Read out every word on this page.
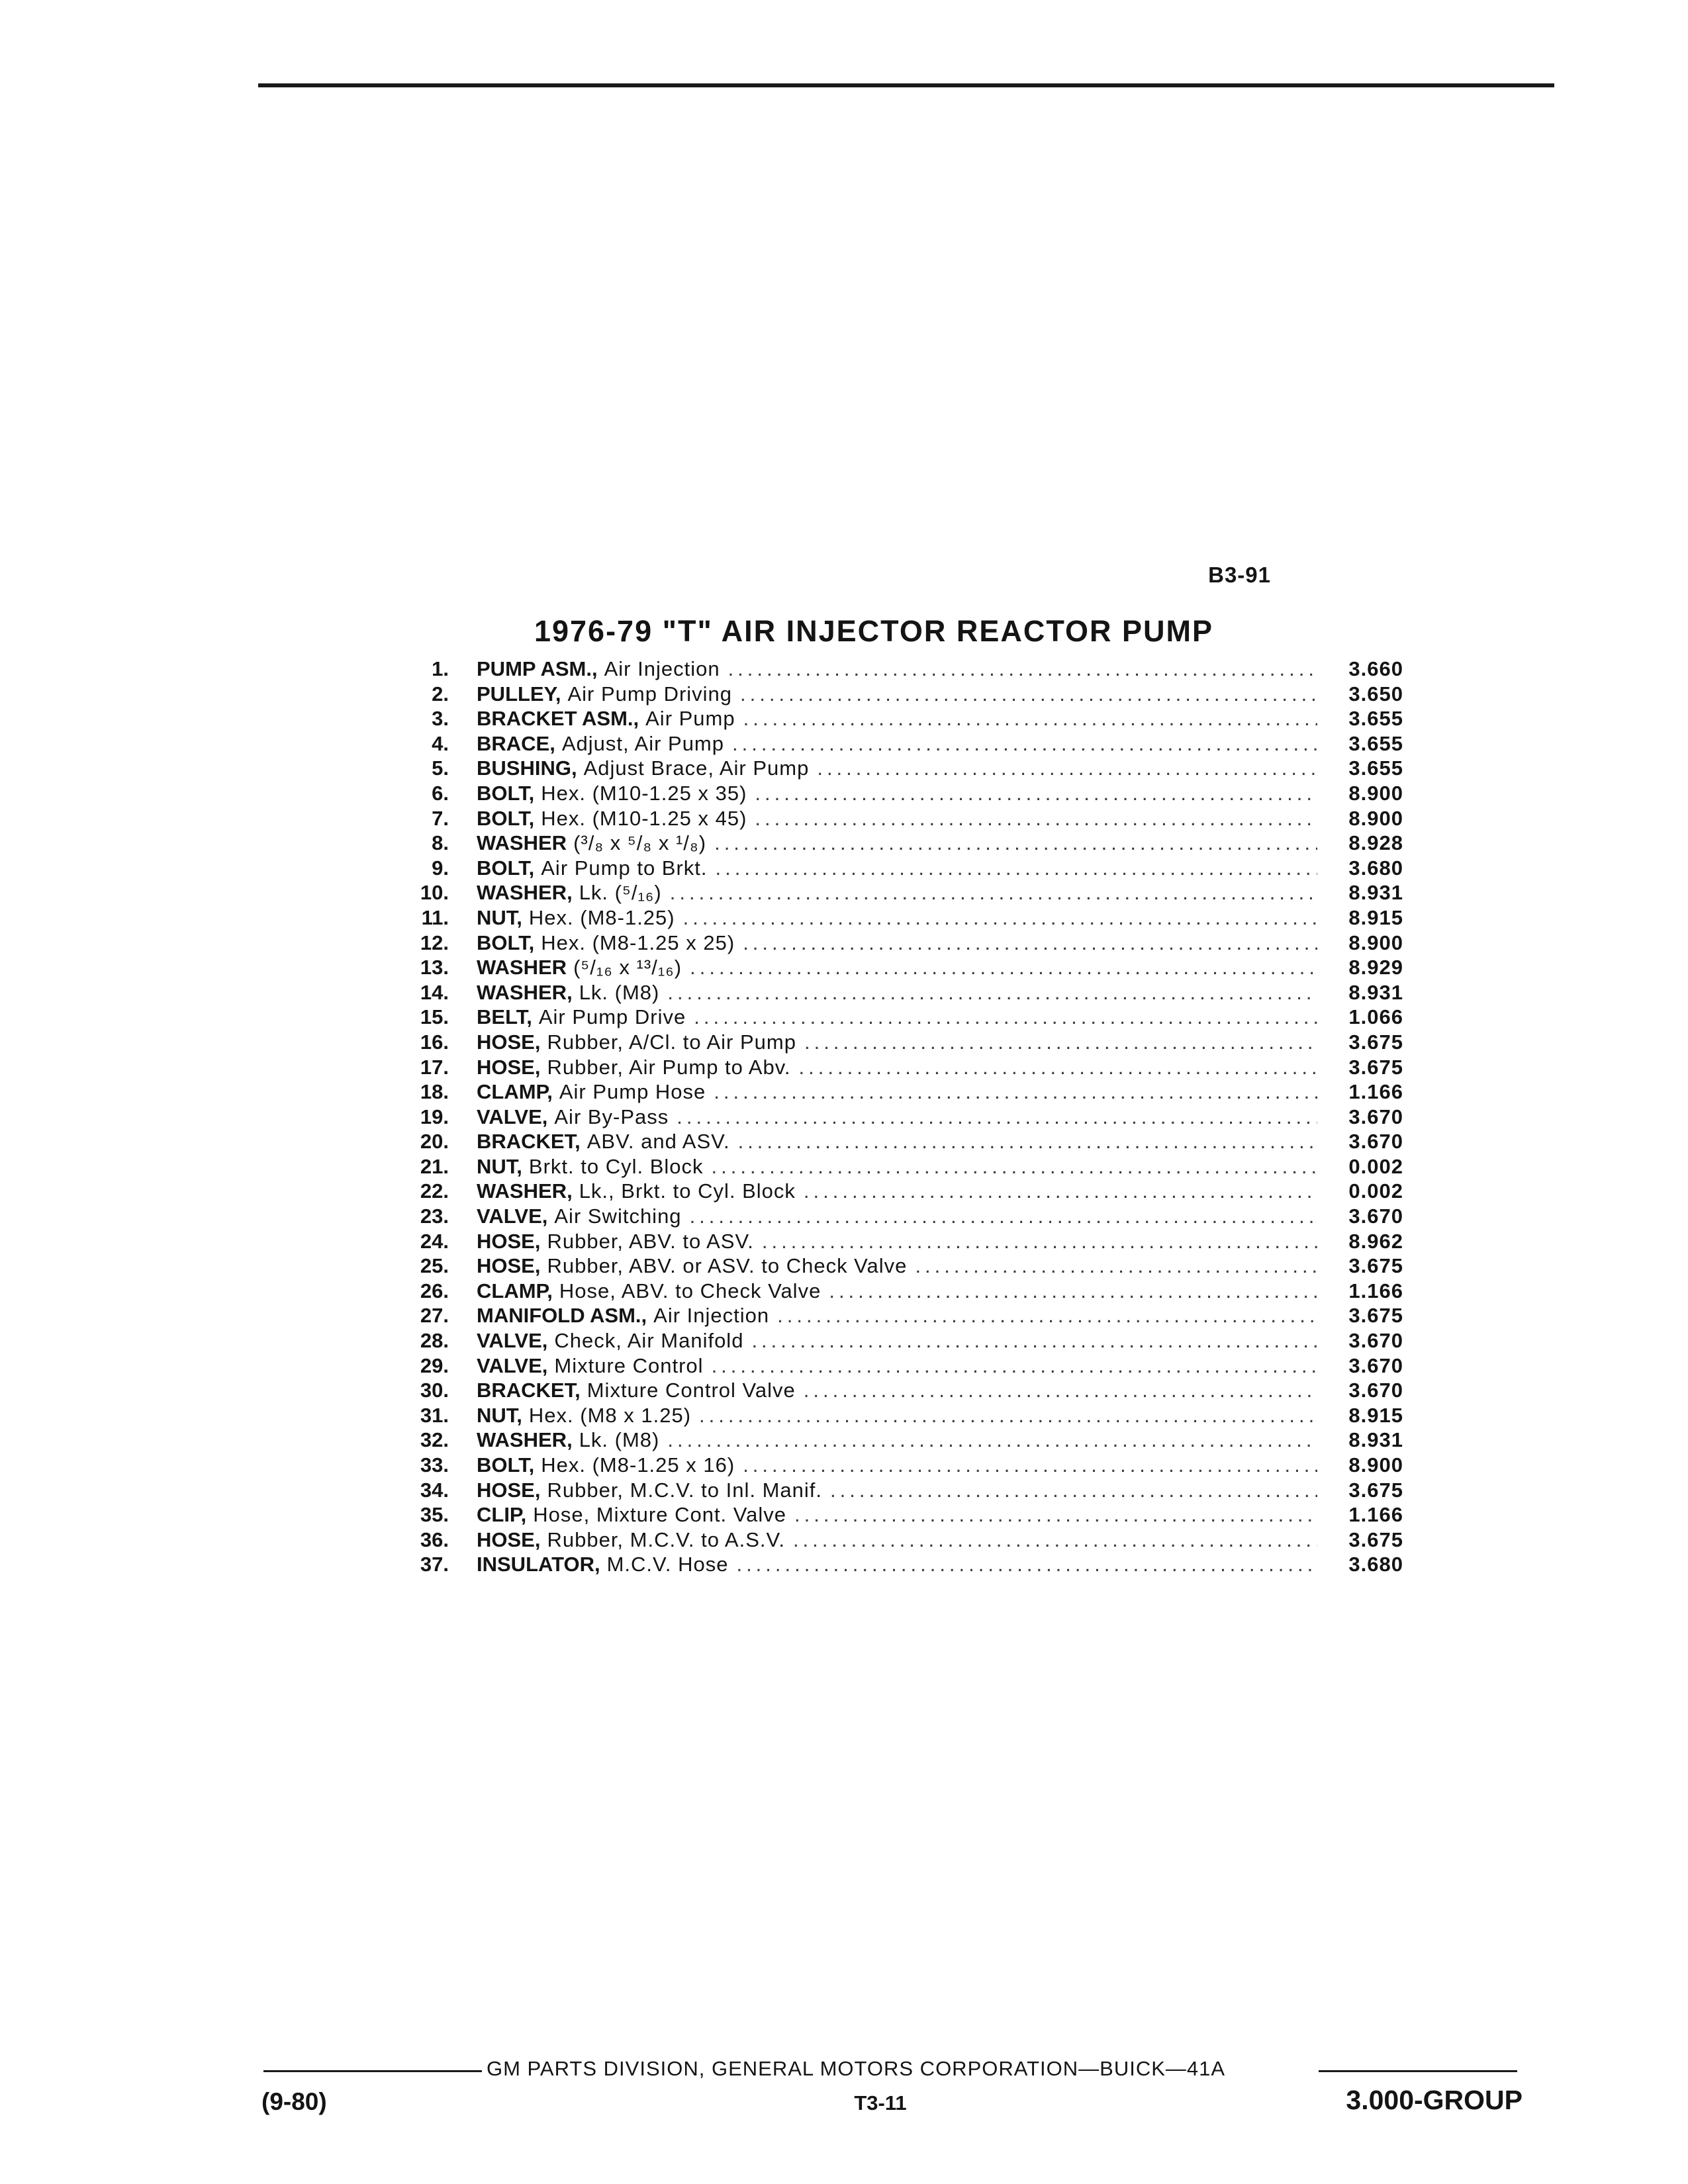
B3-91
1976-79 "T" AIR INJECTOR REACTOR PUMP
1. PUMP ASM., Air Injection .....	3.660
2. PULLEY, Air Pump Driving .....	3.650
3. BRACKET ASM., Air Pump .....	3.655
4. BRACE, Adjust, Air Pump .....	3.655
5. BUSHING, Adjust Brace, Air Pump .....	3.655
6. BOLT, Hex. (M10-1.25 x 35) .....	8.900
7. BOLT, Hex. (M10-1.25 x 45) .....	8.900
8. WASHER (³/₈ x ⁵/₈ x ¹/₈) .....	8.928
9. BOLT, Air Pump to Brkt. .....	3.680
10. WASHER, Lk. (⁵/₁₆) .....	8.931
11. NUT, Hex. (M8-1.25) .....	8.915
12. BOLT, Hex. (M8-1.25 x 25) .....	8.900
13. WASHER (⁵/₁₆ x ¹³/₁₆) .....	8.929
14. WASHER, Lk. (M8) .....	8.931
15. BELT, Air Pump Drive .....	1.066
16. HOSE, Rubber, A/Cl. to Air Pump .....	3.675
17. HOSE, Rubber, Air Pump to Abv. .....	3.675
18. CLAMP, Air Pump Hose .....	1.166
19. VALVE, Air By-Pass .....	3.670
20. BRACKET, ABV. and ASV. .....	3.670
21. NUT, Brkt. to Cyl. Block .....	0.002
22. WASHER, Lk., Brkt. to Cyl. Block .....	0.002
23. VALVE, Air Switching .....	3.670
24. HOSE, Rubber, ABV. to ASV. .....	8.962
25. HOSE, Rubber, ABV. or ASV. to Check Valve .....	3.675
26. CLAMP, Hose, ABV. to Check Valve .....	1.166
27. MANIFOLD ASM., Air Injection .....	3.675
28. VALVE, Check, Air Manifold .....	3.670
29. VALVE, Mixture Control .....	3.670
30. BRACKET, Mixture Control Valve .....	3.670
31. NUT, Hex. (M8 x 1.25) .....	8.915
32. WASHER, Lk. (M8) .....	8.931
33. BOLT, Hex. (M8-1.25 x 16) .....	8.900
34. HOSE, Rubber, M.C.V. to Inl. Manif. .....	3.675
35. CLIP, Hose, Mixture Cont. Valve .....	1.166
36. HOSE, Rubber, M.C.V. to A.S.V. .....	3.675
37. INSULATOR, M.C.V. Hose .....	3.680
GM PARTS DIVISION, GENERAL MOTORS CORPORATION—BUICK—41A
(9-80)	T3-11	3.000-GROUP
